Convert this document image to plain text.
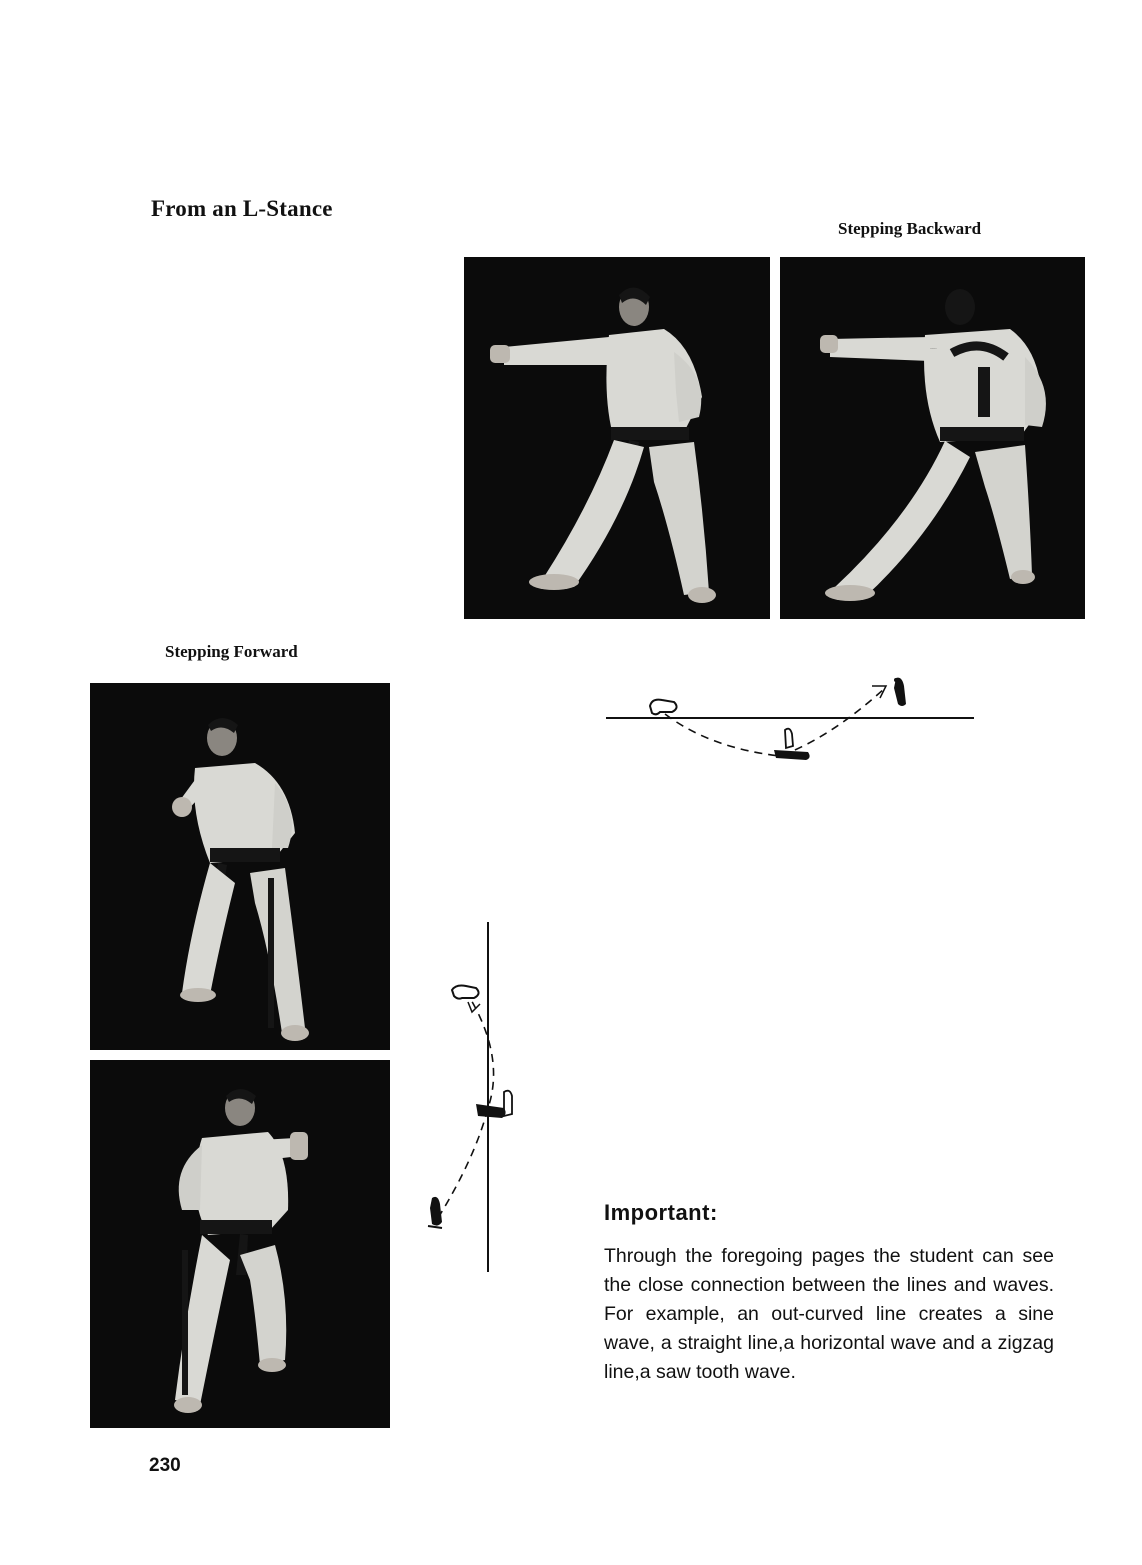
From an L-Stance
Stepping Backward
Stepping Forward
TAEKWON-DO
Important:

Through the foregoing pages the student can see the close connection between the lines and waves. For example, an out-curved line creates a sine wave, a straight line,a horizontal wave and a zigzag line,a saw tooth wave.

230
